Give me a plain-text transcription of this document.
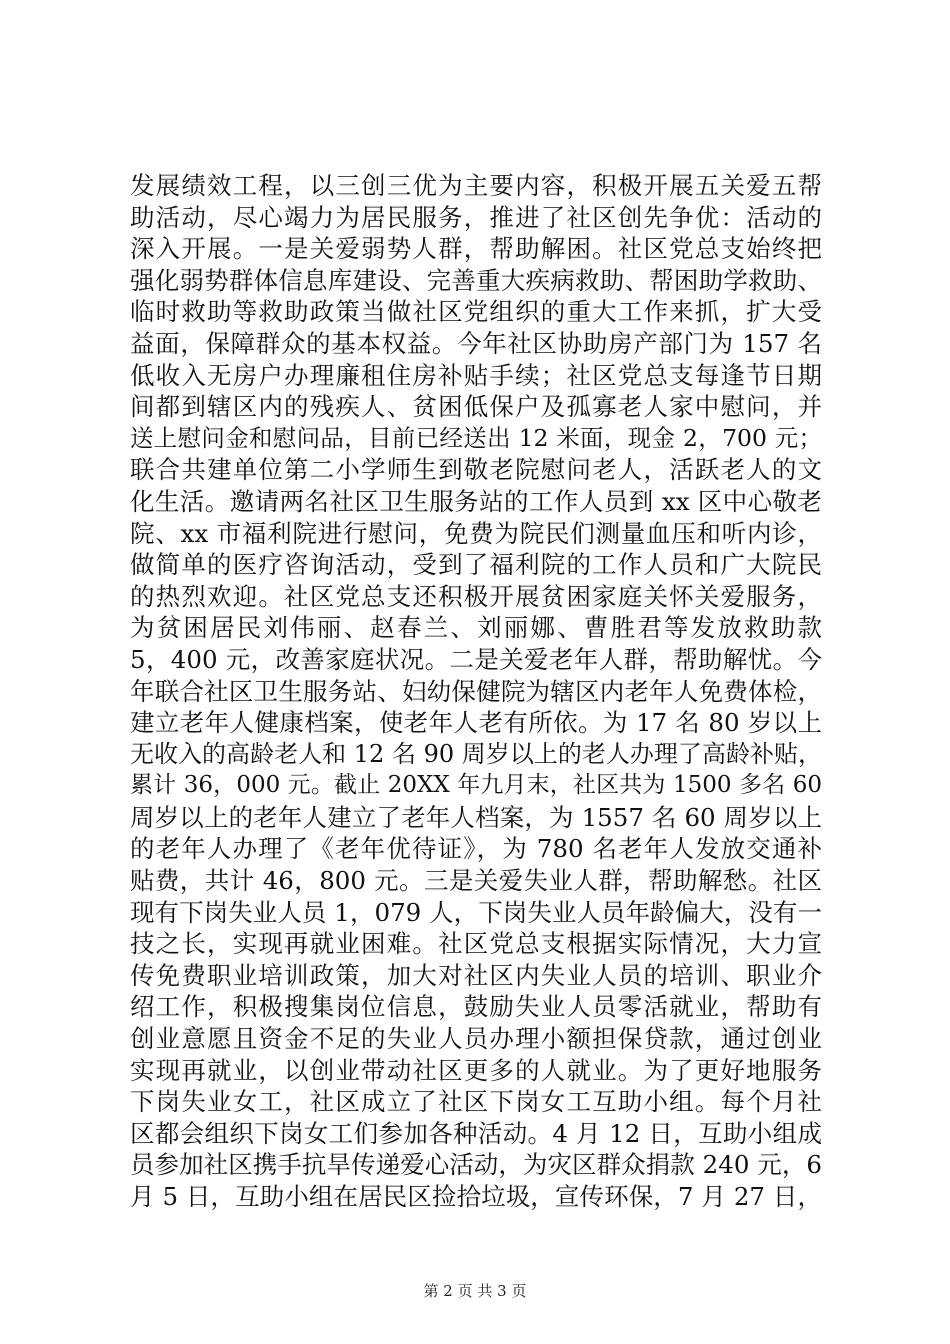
发展绩效工程，以三创三优为主要内容，积极开展五关爱五帮
助活动，尽心竭力为居民服务，推进了社区创先争优：活动的
深入开展。一是关爱弱势人群，帮助解困。社区党总支始终把
强化弱势群体信息库建设、完善重大疾病救助、帮困助学救助、
临时救助等救助政策当做社区党组织的重大工作来抓，扩大受
益面，保障群众的基本权益。今年社区协助房产部门为 157 名
低收入无房户办理廉租住房补贴手续；社区党总支每逢节日期
间都到辖区内的残疾人、贫困低保户及孤寡老人家中慰问，并
送上慰问金和慰问品，目前已经送出 12 米面，现金 2，700 元；
联合共建单位第二小学师生到敬老院慰问老人，活跃老人的文
化生活。邀请两名社区卫生服务站的工作人员到 xx 区中心敬老
院、xx 市福利院进行慰问，免费为院民们测量血压和听内诊，
做简单的医疗咨询活动，受到了福利院的工作人员和广大院民
的热烈欢迎。社区党总支还积极开展贫困家庭关怀关爱服务，
为贫困居民刘伟丽、赵春兰、刘丽娜、曹胜君等发放救助款
5，400 元，改善家庭状况。二是关爱老年人群，帮助解忧。今
年联合社区卫生服务站、妇幼保健院为辖区内老年人免费体检，
建立老年人健康档案，使老年人老有所依。为 17 名 80 岁以上
无收入的高龄老人和 12 名 90 周岁以上的老人办理了高龄补贴，
累计 36，000 元。截止 20XX 年九月末，社区共为 1500 多名 60
周岁以上的老年人建立了老年人档案，为 1557 名 60 周岁以上
的老年人办理了《老年优待证》，为 780 名老年人发放交通补
贴费，共计 46，800 元。三是关爱失业人群，帮助解愁。社区
现有下岗失业人员 1，079 人，下岗失业人员年龄偏大，没有一
技之长，实现再就业困难。社区党总支根据实际情况，大力宣
传免费职业培训政策，加大对社区内失业人员的培训、职业介
绍工作，积极搜集岗位信息，鼓励失业人员零活就业，帮助有
创业意愿且资金不足的失业人员办理小额担保贷款，通过创业
实现再就业，以创业带动社区更多的人就业。为了更好地服务
下岗失业女工，社区成立了社区下岗女工互助小组。每个月社
区都会组织下岗女工们参加各种活动。4 月 12 日，互助小组成
员参加社区携手抗旱传递爱心活动，为灾区群众捐款 240 元，6
月 5 日，互助小组在居民区捡拾垃圾，宣传环保，7 月 27 日，
第 2 页 共 3 页
